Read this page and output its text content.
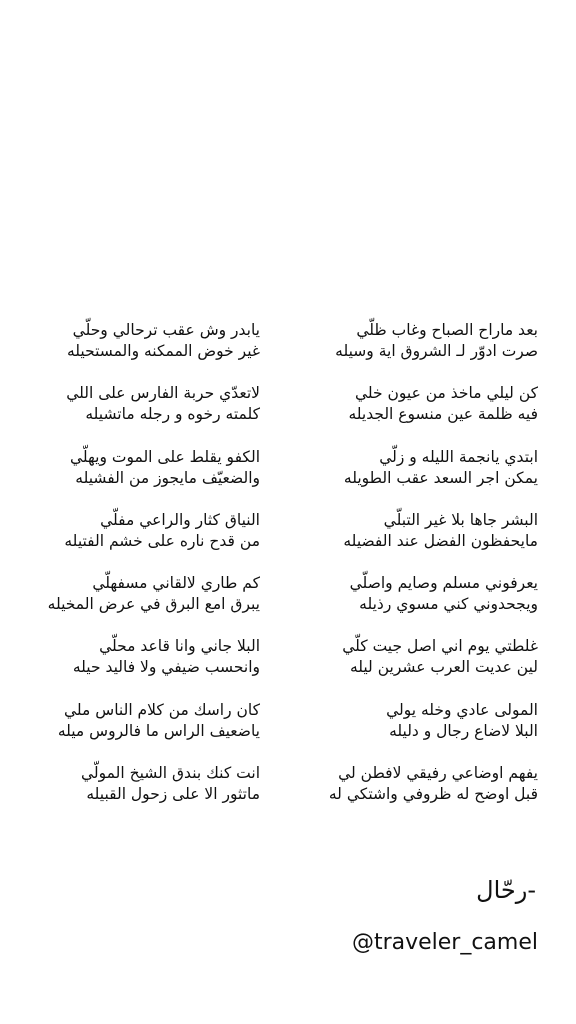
بعد ماراح الصباح وغاب ظلّي
صرت ادوّر لـ الشروق اية وسيله
كن ليلي ماخذ من عيون خلي
فيه ظلمة عين منسوع الجديله
ابتدي يانجمة الليله و زلّي
يمكن اجر السعد عقب الطويله
البشر جاها بلا غير التبلّي
مايحفظون الفضل عند الفضيله
يعرفوني مسلم وصايم واصلّي
ويجحدوني كني مسوي رذيله
غلطتي يوم اني اصل جيت كلّي
لين عديت العرب عشرين ليله
المولى عادي وخله يولي
البلا لاضاع رجال و دليله
يفهم اوضاعي رفيقي لافطن لي
قبل اوضح له ظروفي واشتكي له
يابدر وش عقب ترحالي وحلّي
غير خوض الممكنه والمستحيله
لاتعدّي حربة الفارس على اللي
كلمته رخوه و رجله ماتشيله
الكفو يقلط على الموت ويهلّي
والضعيّف مايجوز من الفشيله
النياق كثار والراعي مفلّي
من قدح ناره على خشم الفتيله
كم طاري لالقاني مسفهلّي
يبرق امع البرق في عرض المخيله
البلا جاني وانا قاعد محلّي
وانحسب ضيفي ولا فاليد حيله
كان راسك من كلام الناس ملي
ياضعيف الراس ما فالروس ميله
انت كنك بندق الشيخ المولّي
ماتثور الا على زحول القبيله
-رحّال
@traveler_camel
